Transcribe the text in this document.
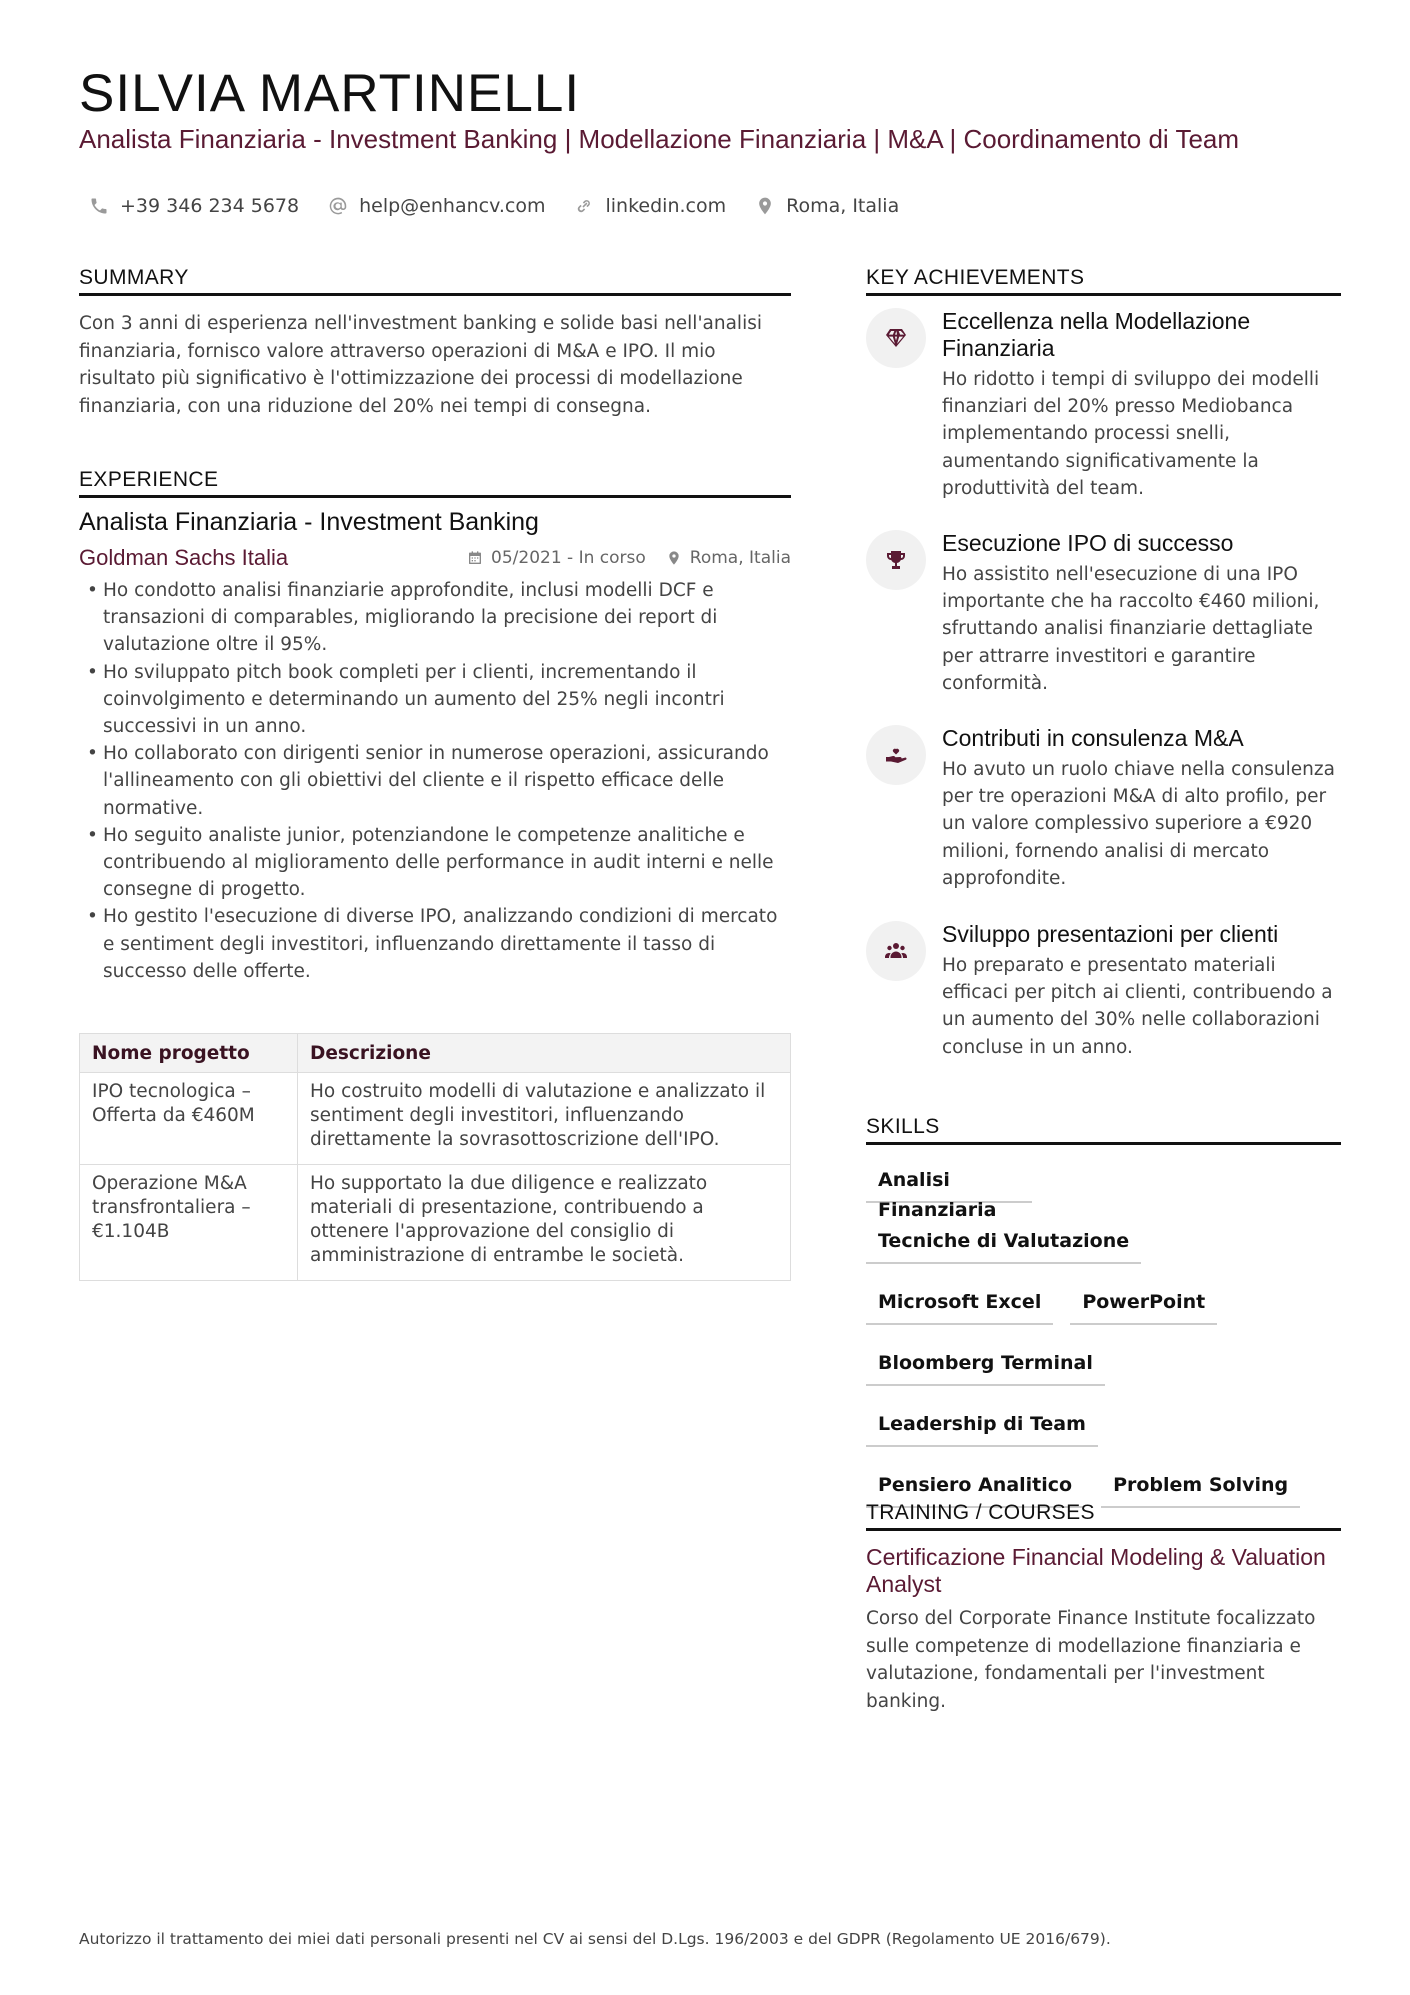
SILVIA MARTINELLI
Analista Finanziaria - Investment Banking | Modellazione Finanziaria | M&A | Coordinamento di Team
+39 346 234 5678	help@enhancv.com	linkedin.com	Roma, Italia
SUMMARY

Con 3 anni di esperienza nell'investment banking e solide basi nell'analisi finanziaria, fornisco valore attraverso operazioni di M&A e IPO. Il mio risultato più significativo è l'ottimizzazione dei processi di modellazione finanziaria, con una riduzione del 20% nei tempi di consegna.

EXPERIENCE
Analista Finanziaria - Investment Banking
Goldman Sachs Italia	05/2021 - In corso	Roma, Italia
• Ho condotto analisi finanziarie approfondite, inclusi modelli DCF e transazioni di comparables, migliorando la precisione dei report di valutazione oltre il 95%.
• Ho sviluppato pitch book completi per i clienti, incrementando il coinvolgimento e determinando un aumento del 25% negli incontri successivi in un anno.
• Ho collaborato con dirigenti senior in numerose operazioni, assicurando l'allineamento con gli obiettivi del cliente e il rispetto efficace delle normative.
• Ho seguito analiste junior, potenziandone le competenze analitiche e contribuendo al miglioramento delle performance in audit interni e nelle consegne di progetto.
• Ho gestito l'esecuzione di diverse IPO, analizzando condizioni di mercato e sentiment degli investitori, influenzando direttamente il tasso di successo delle offerte.
Nome progetto	Descrizione
IPO tecnologica – Offerta da €460M	Ho costruito modelli di valutazione e analizzato il sentiment degli investitori, influenzando direttamente la sovrasottoscrizione dell'IPO.
Operazione M&A transfrontaliera – €1.104B	Ho supportato la due diligence e realizzato materiali di presentazione, contribuendo a ottenere l'approvazione del consiglio di amministrazione di entrambe le società.
KEY ACHIEVEMENTS
Eccellenza nella Modellazione Finanziaria
Ho ridotto i tempi di sviluppo dei modelli finanziari del 20% presso Mediobanca implementando processi snelli, aumentando significativamente la produttività del team.
Esecuzione IPO di successo
Ho assistito nell'esecuzione di una IPO importante che ha raccolto €460 milioni, sfruttando analisi finanziarie dettagliate per attrarre investitori e garantire conformità.
Contributi in consulenza M&A
Ho avuto un ruolo chiave nella consulenza per tre operazioni M&A di alto profilo, per un valore complessivo superiore a €920 milioni, fornendo analisi di mercato approfondite.
Sviluppo presentazioni per clienti
Ho preparato e presentato materiali efficaci per pitch ai clienti, contribuendo a un aumento del 30% nelle collaborazioni concluse in un anno.
SKILLS
Analisi Finanziaria
Tecniche di Valutazione
Microsoft Excel	PowerPoint
Bloomberg Terminal
Leadership di Team
Pensiero Analitico	Problem Solving
TRAINING / COURSES
Certificazione Financial Modeling & Valuation Analyst

Corso del Corporate Finance Institute focalizzato sulle competenze di modellazione finanziaria e valutazione, fondamentali per l'investment banking.

Autorizzo il trattamento dei miei dati personali presenti nel CV ai sensi del D.Lgs. 196/2003 e del GDPR (Regolamento UE 2016/679).
